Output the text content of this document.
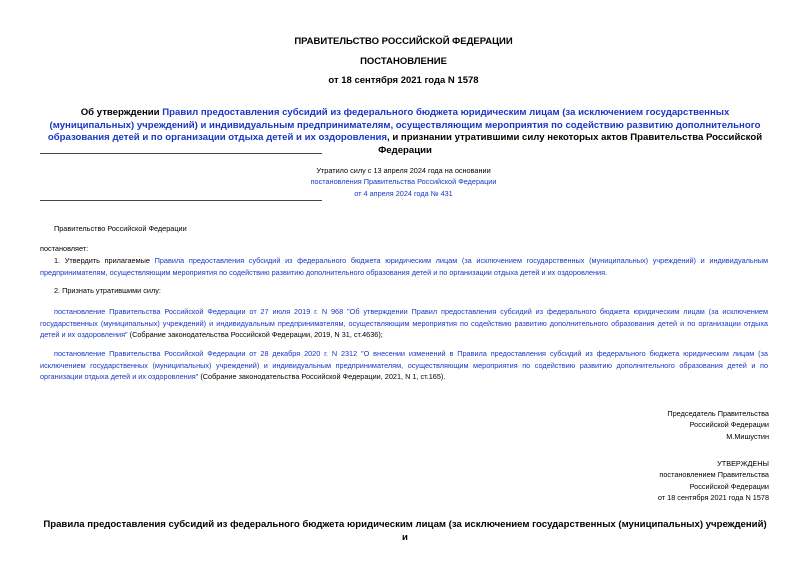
ПРАВИТЕЛЬСТВО РОССИЙСКОЙ ФЕДЕРАЦИИ
ПОСТАНОВЛЕНИЕ
от 18 сентября 2021 года N 1578
Об утверждении Правил предоставления субсидий из федерального бюджета юридическим лицам (за исключением государственных (муниципальных) учреждений) и индивидуальным предпринимателям, осуществляющим мероприятия по содействию развитию дополнительного образования детей и по организации отдыха детей и их оздоровления, и признании утратившими силу некоторых актов Правительства Российской Федерации
Утратило силу с 13 апреля 2024 года на основании
постановления Правительства Российской Федерации
от 4 апреля 2024 года № 431
Правительство Российской Федерации
постановляет:
1. Утвердить прилагаемые Правила предоставления субсидий из федерального бюджета юридическим лицам (за исключением государственных (муниципальных) учреждений) и индивидуальным предпринимателям, осуществляющим мероприятия по содействию развитию дополнительного образования детей и по организации отдыха детей и их оздоровления.
2. Признать утратившими силу:
постановление Правительства Российской Федерации от 27 июля 2019 г. N 968 "Об утверждении Правил предоставления субсидий из федерального бюджета юридическим лицам (за исключением государственных (муниципальных) учреждений) и индивидуальным предпринимателям, осуществляющим мероприятия по содействию развитию дополнительного образования детей и по организации отдыха детей и их оздоровления" (Собрание законодательства Российской Федерации, 2019, N 31, ст.4636);
постановление Правительства Российской Федерации от 28 декабря 2020 г. N 2312 "О внесении изменений в Правила предоставления субсидий из федерального бюджета юридическим лицам (за исключением государственных (муниципальных) учреждений) и индивидуальным предпринимателям, осуществляющим мероприятия по содействию развитию дополнительного образования детей и по организации отдыха детей и их оздоровления" (Собрание законодательства Российской Федерации, 2021, N 1, ст.165).
Председатель Правительства
Российской Федерации
М.Мишустин
УТВЕРЖДЕНЫ
постановлением Правительства
Российской Федерации
от 18 сентября 2021 года N 1578
Правила предоставления субсидий из федерального бюджета юридическим лицам (за исключением государственных (муниципальных) учреждений) и
